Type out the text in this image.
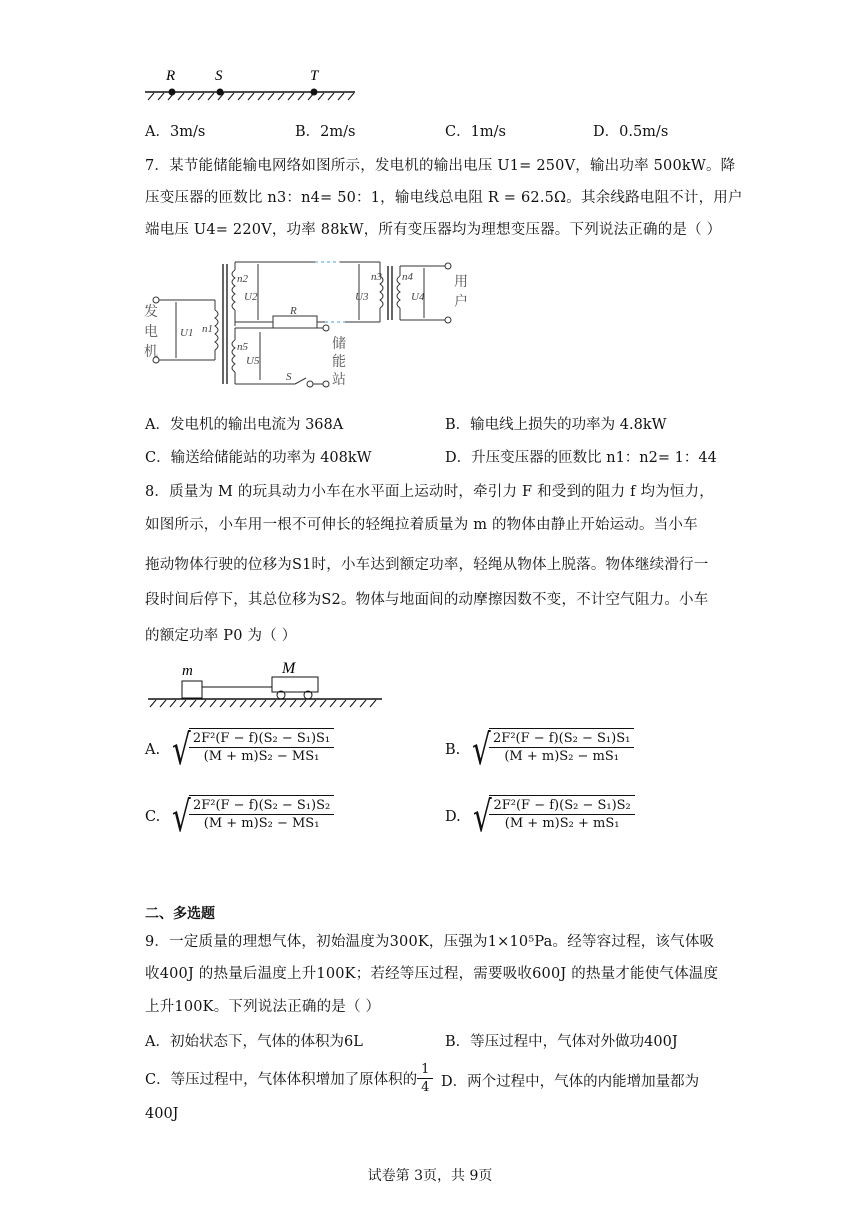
R	S	T
A．3m/s	B．2m/s	C．1m/s	D．0.5m/s
7．某节能储能输电网络如图所示，发电机的输出电压 U1= 250V，输出功率 500kW。降
压变压器的匝数比 n3：n4= 50：1，输电线总电阻 R = 62.5Ω。其余线路电阻不计，用户
端电压 U4= 220V，功率 88kW，所有变压器均为理想变压器。下列说法正确的是（ ）
发
电
机
用
户
储
能
站
U1 n1
n2
U2
R
n5
U5
S
U3
n3 n4
U4
A．发电机的输出电流为 368A	B．输电线上损失的功率为 4.8kW
C．输送给储能站的功率为 408kW	D．升压变压器的匝数比 n1：n2= 1：44
8．质量为 M 的玩具动力小车在水平面上运动时，牵引力 F 和受到的阻力 f 均为恒力，
如图所示，小车用一根不可伸长的轻绳拉着质量为 m 的物体由静止开始运动。当小车
拖动物体行驶的位移为S1时，小车达到额定功率，轻绳从物体上脱落。物体继续滑行一
段时间后停下，其总位移为S2。物体与地面间的动摩擦因数不变，不计空气阻力。小车
的额定功率 P0 为（ ）
m	M
A. √
$\frac{\text{2F²(F − f)(S₂ − S₁)S₁}}{\text{(M + m)S₂ − MS₁}}$	B. √
$\frac{\text{2F²(F − f)(S₂ − S₁)S₁}}{\text{(M + m)S₂ − mS₁}}$
C. √
$\frac{\text{2F²(F − f)(S₂ − S₁)S₂}}{\text{(M + m)S₂ − MS₁}}$	D. √
$\frac{\text{2F²(F − f)(S₂ − S₁)S₂}}{\text{(M + m)S₂ + mS₁}}$
二、多选题
9．一定质量的理想气体，初始温度为300K，压强为1×10⁵Pa。经等容过程，该气体吸
收400J 的热量后温度上升100K；若经等压过程，需要吸收600J 的热量才能使气体温度
上升100K。下列说法正确的是（ ）
A．初始状态下，气体的体积为6L	B．等压过程中，气体对外做功400J
C．等压过程中，气体体积增加了原体积的 $\frac{1}{4}$ D．两个过程中，气体的内能增加量都为
400J
试卷第 3页，共 9页
